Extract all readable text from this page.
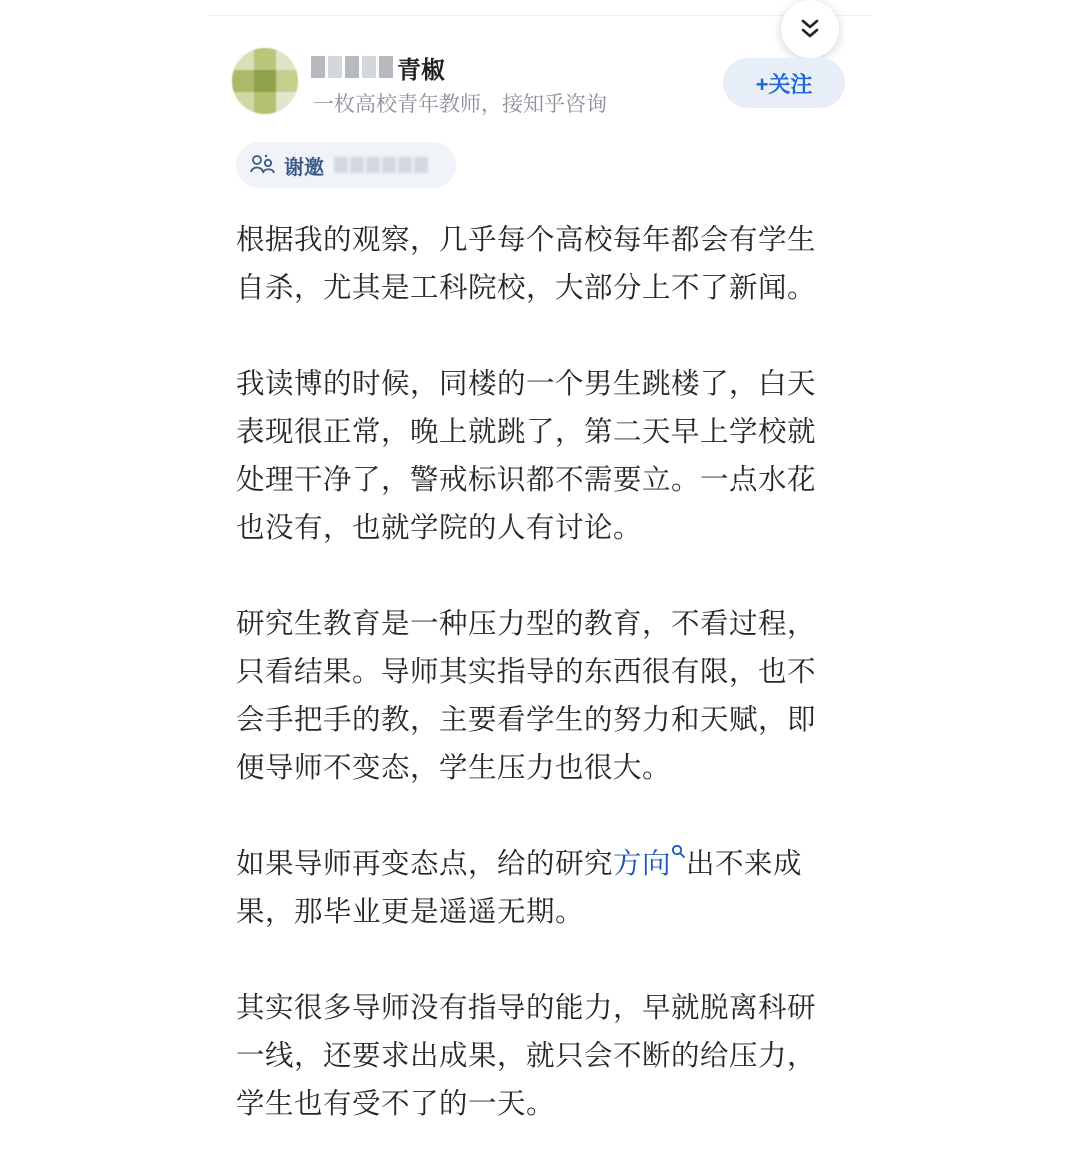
青椒
一枚高校青年教师，接知乎咨询
+关注
谢邀

根据我的观察，几乎每个高校每年都会有学生自杀，尤其是工科院校，大部分上不了新闻。

我读博的时候，同楼的一个男生跳楼了，白天表现很正常，晚上就跳了，第二天早上学校就处理干净了，警戒标识都不需要立。一点水花也没有，也就学院的人有讨论。

研究生教育是一种压力型的教育，不看过程，只看结果。导师其实指导的东西很有限，也不会手把手的教，主要看学生的努力和天赋，即便导师不变态，学生压力也很大。

如果导师再变态点，给的研究方向 出不来成果，那毕业更是遥遥无期。

其实很多导师没有指导的能力，早就脱离科研一线，还要求出成果，就只会不断的给压力，学生也有受不了的一天。
